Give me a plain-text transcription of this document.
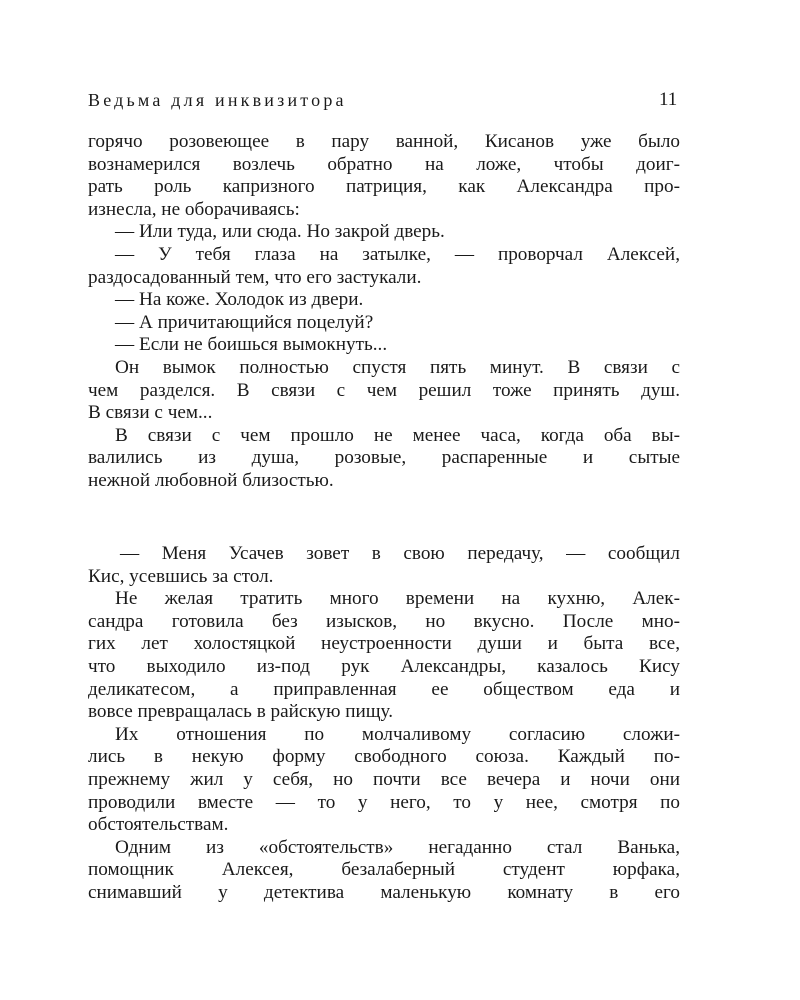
Ведьма для инквизитора	11
горячо розовеющее в пару ванной, Кисанов уже было
вознамерился возлечь обратно на ложе, чтобы доиг-
рать роль капризного патриция, как Александра про-
изнесла, не оборачиваясь:
— Или туда, или сюда. Но закрой дверь.
— У тебя глаза на затылке, — проворчал Алексей,
раздосадованный тем, что его застукали.
— На коже. Холодок из двери.
— А причитающийся поцелуй?
— Если не боишься вымокнуть...
Он вымок полностью спустя пять минут. В связи с
чем разделся. В связи с чем решил тоже принять душ.
В связи с чем...
В связи с чем прошло не менее часа, когда оба вы-
валились из душа, розовые, распаренные и сытые
нежной любовной близостью.
— Меня Усачев зовет в свою передачу, — сообщил
Кис, усевшись за стол.
Не желая тратить много времени на кухню, Алек-
сандра готовила без изысков, но вкусно. После мно-
гих лет холостяцкой неустроенности души и быта все,
что выходило из-под рук Александры, казалось Кису
деликатесом, а приправленная ее обществом еда и
вовсе превращалась в райскую пищу.
Их отношения по молчаливому согласию сложи-
лись в некую форму свободного союза. Каждый по-
прежнему жил у себя, но почти все вечера и ночи они
проводили вместе — то у него, то у нее, смотря по
обстоятельствам.
Одним из «обстоятельств» негаданно стал Ванька,
помощник Алексея, безалаберный студент юрфака,
снимавший у детектива маленькую комнату в его
